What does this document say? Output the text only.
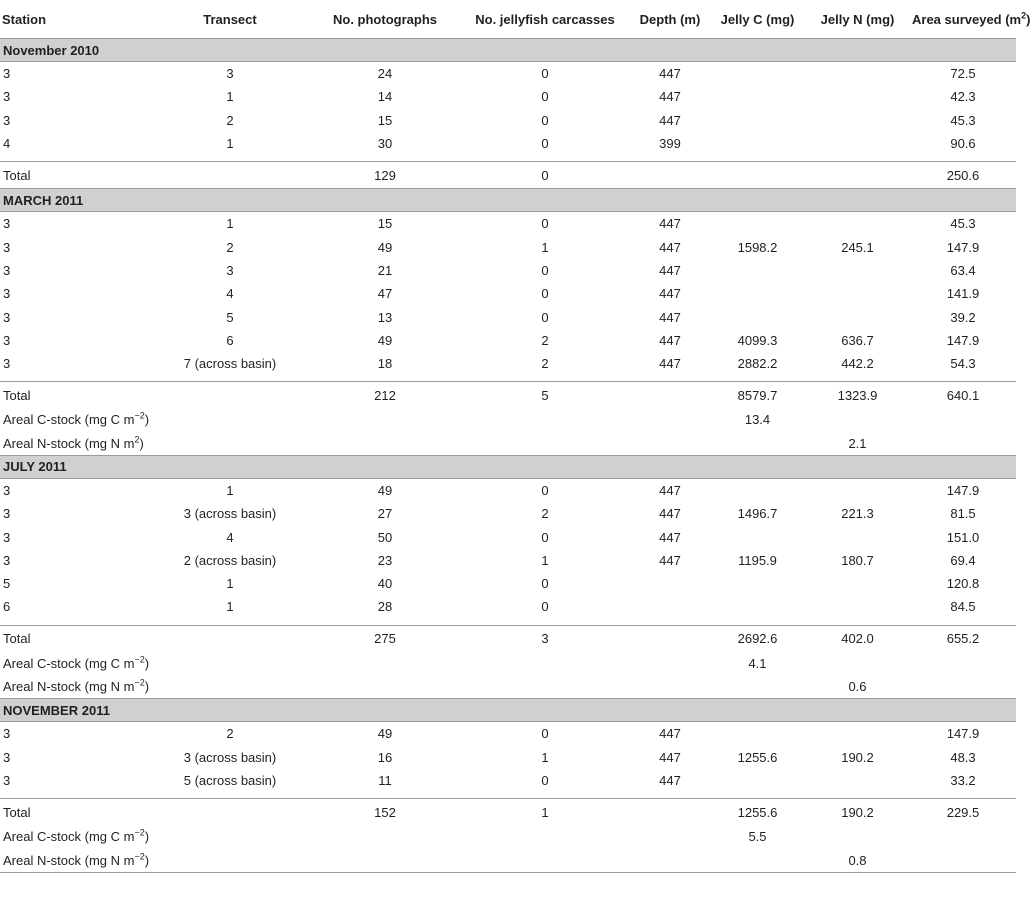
Station	Transect	No. photographs	No. jellyfish carcasses	Depth (m)	Jelly C (mg)	Jelly N (mg)	Area surveyed ($m^2$
November 2010							
3	3	24	0	447			72.5
3	1	14	0	447			42.3
3	2	15	0	447			45.3
4	1	30	0	399			90.6

Total		129	0				250.6
MARCH 2011							
3	1	15	0	447			45.3
3	2	49	1	447	1598.2	245.1	147.9
3	3	21	0	447			63.4
3	4	47	0	447			141.9
3	5	13	0	447			39.2
3	6	49	2	447	4099.3	636.7	147.9
3	7 (across basin)	18	2	447	2882.2	442.2	54.3

Total		212	5		8579.7	1323.9	640.1
Areal C-stock (mg C $m^{-2}$)					13.4		
Areal N-stock (mg N $m^2$)						2.1	
JULY 2011							
3	1	49	0	447			147.9
3	3 (across basin)	27	2	447	1496.7	221.3	81.5
3	4	50	0	447			151.0
3	2 (across basin)	23	1	447	1195.9	180.7	69.4
5	1	40	0				120.8
6	1	28	0				84.5

Total		275	3		2692.6	402.0	655.2
Areal C-stock (mg C $m^{-2}$)					4.1		
Areal N-stock (mg N $m^{-2}$)						0.6	
NOVEMBER 2011							
3	2	49	0	447			147.9
3	3 (across basin)	16	1	447	1255.6	190.2	48.3
3	5 (across basin)	11	0	447			33.2

Total		152	1		1255.6	190.2	229.5
Areal C-stock (mg C $m^{-2}$)					5.5		
Areal N-stock (mg N $m^{-2}$)						0.8	
